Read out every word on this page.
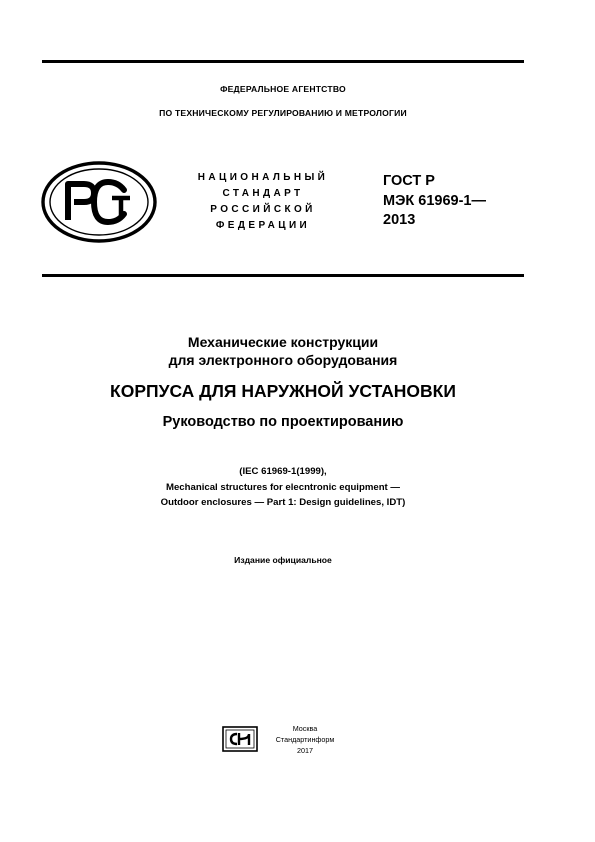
ФЕДЕРАЛЬНОЕ АГЕНТСТВО
ПО ТЕХНИЧЕСКОМУ РЕГУЛИРОВАНИЮ И МЕТРОЛОГИИ
НАЦИОНАЛЬНЫЙ
СТАНДАРТ
РОССИЙСКОЙ
ФЕДЕРАЦИИ
ГОСТ Р
МЭК 61969-1—
2013
Механические конструкции
для электронного оборудования
КОРПУСА ДЛЯ НАРУЖНОЙ УСТАНОВКИ
Руководство по проектированию
(IEC 61969-1(1999),
Mechanical structures for elecntronic equipment —
Outdoor enclosures — Part 1: Design guidelines, IDT)
Издание официальное
Москва
Стандартинформ
2017
